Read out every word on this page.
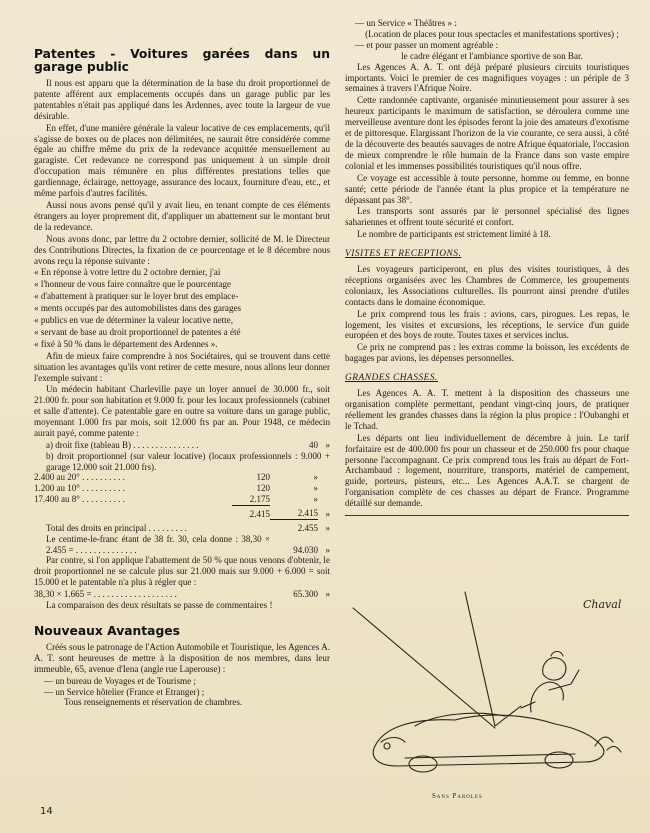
Patentes - Voitures garées dans un garage public

Il nous est apparu que la détermination de la base du droit proportionnel de patente afférent aux emplacements occupés dans un garage public par les patentables n'était pas appliqué dans les Ardennes, avec toute la largeur de vue désirable.

En effet, d'une manière générale la valeur locative de ces emplacements, qu'il s'agisse de boxes ou de places non délimitées, ne saurait être considérée comme égale au chiffre même du prix de la redevance acquittée mensuellement au garagiste. Cet redevance ne correspond pas uniquement à un simple droit d'occupation mais rémunère en plus différentes prestations telles que gardiennage, éclairage, nettoyage, assurance des locaux, fourniture d'eau, etc., et même parfois d'autres facilités.

Aussi nous avons pensé qu'il y avait lieu, en tenant compte de ces éléments étrangers au loyer proprement dit, d'appliquer un abattement sur le montant brut de la redevance.

Nous avons donc, par lettre du 2 octobre dernier, sollicité de M. le Directeur des Contributions Directes, la fixation de ce pourcentage et le 8 décembre nous avons reçu la réponse suivante :

« En réponse à votre lettre du 2 octobre dernier, j'ai

« l'honneur de vous faire connaître que le pourcentage

« d'abattement à pratiquer sur le loyer brut des emplace-

« ments occupés par des automobilistes dans des garages

« publics en vue de déterminer la valeur locative nette,

« servant de base au droit proportionnel de patentes a été

« fixé à 50 % dans le département des Ardennes ».

Afin de mieux faire comprendre à nos Sociétaires, qui se trouvent dans cette situation les avantages qu'ils vont retirer de cette mesure, nous allons leur donner l'exemple suivant :

Un médecin habitant Charleville paye un loyer annuel de 30.000 fr., soit 21.000 fr. pour son habitation et 9.000 fr. pour les locaux professionnels (cabinet et salle d'attente). Ce patentable gare en outre sa voiture dans un garage public, moyennant 1.000 frs par mois, soit 12.000 frs par an. Pour 1948, ce médecin aurait payé, comme patente :

a) droit fixe (tableau B) . . . . . . . . . . . . . . .		40	»
b) droit proportionnel (sur valeur locative) (locaux professionnels : 9.000 + garage 12.000 soit 21.000 frs).			
2.400 au 20° . . . . . . . . . .	120	»	
1.200 au 10° . . . . . . . . . .	120	»	
17.400 au 8° . . . . . . . . . .	2.175	»	
	2.415	2.415	»
Total des droits en principal . . . . . . . . .		2.455	»
Le centime-le-franc étant de 38 fr. 30, cela donne : 38,30 × 2.455 = . . . . . . . . . . . . . .		94.030	»

Par contre, si l'on applique l'abattement de 50 % que nous venons d'obtenir, le droit proportionnel ne se calcule plus sur 21.000 mais sur 9.000 + 6.000 = soit 15.000 et le patentable n'a plus à régler que :

38,30 × 1.665 = . . . . . . . . . . . . . . . . . . .	65.300	»

La comparaison des deux résultats se passe de commentaires !

Nouveaux Avantages

Créés sous le patronage de l'Action Automobile et Touristique, les Agences A. A. T. sont heureuses de mettre à la disposition de nos membres, dans leur immeuble, 65, avenue d'Iena (angle rue Laperouse) :

— un bureau de Voyages et de Tourisme ;
— un Service hôtelier (France et Etranger) ;
Tous renseignements et réservation de chambres.
— un Service « Théâtres » :
(Location de places pour tous spectacles et manifestations sportives) ;
— et pour passer un moment agréable :
le cadre élégant et l'ambiance sportive de son Bar.

Les Agences A. A. T. ont déjà préparé plusieurs circuits touristiques importants. Voici le premier de ces magnifiques voyages : un périple de 3 semaines à travers l'Afrique Noire.

Cette randonnée captivante, organisée minutieusement pour assurer à ses heureux participants le maximum de satisfaction, se déroulera comme une merveilleuse aventure dont les épisodes feront la joie des amateurs d'exotisme et de pittoresque. Elargissant l'horizon de la vie courante, ce sera aussi, à côté de la découverte des beautés sauvages de notre Afrique équatoriale, l'occasion de mieux comprendre le rôle humain de la France dans son vaste empire colonial et les immenses possibilités touristiques qu'il nous offre.

Ce voyage est accessible à toute personne, homme ou femme, en bonne santé; cette période de l'année étant la plus propice et la température ne dépassant pas 38°.

Les transports sont assurés par le personnel spécialisé des lignes sahariennes et offrent toute sécurité et confort.

Le nombre de participants est strictement limité à 18.

VISITES ET RECEPTIONS.

Les voyageurs participeront, en plus des visites touristiques, à des réceptions organisées avec les Chambres de Commerce, les groupements coloniaux, les Associations culturelles. Ils pourront ainsi prendre d'utiles contacts dans le domaine économique.

Le prix comprend tous les frais : avions, cars, pirogues. Les repas, le logement, les visites et excursions, les réceptions, le service d'un guide européen et des boys de route. Toutes taxes et services inclus.

Ce prix ne comprend pas : les extras comme la boisson, les excédents de bagages par avions, les dépenses personnelles.

GRANDES CHASSES.

Les Agences A. A. T. mettent à la disposition des chasseurs une organisation complète permettant, pendant vingt-cinq jours, de pratiquer réellement les grandes chasses dans la région la plus propice : l'Oubanghi et le Tchad.

Les départs ont lieu individuellement de décembre à juin. Le tarif forfaitaire est de 400.000 frs pour un chasseur et de 250.000 frs pour chaque personne l'accompagnant. Ce prix comprend tous les frais au départ de Fort-Archambaud : logement, nourriture, transports, matériel de campement, guide, porteurs, pisteurs, etc... Les Agences A.A.T. se chargent de l'organisation complète de ces chasses au départ de France. Programme détaillé sur demande.

Chaval
Sans Paroles
14
